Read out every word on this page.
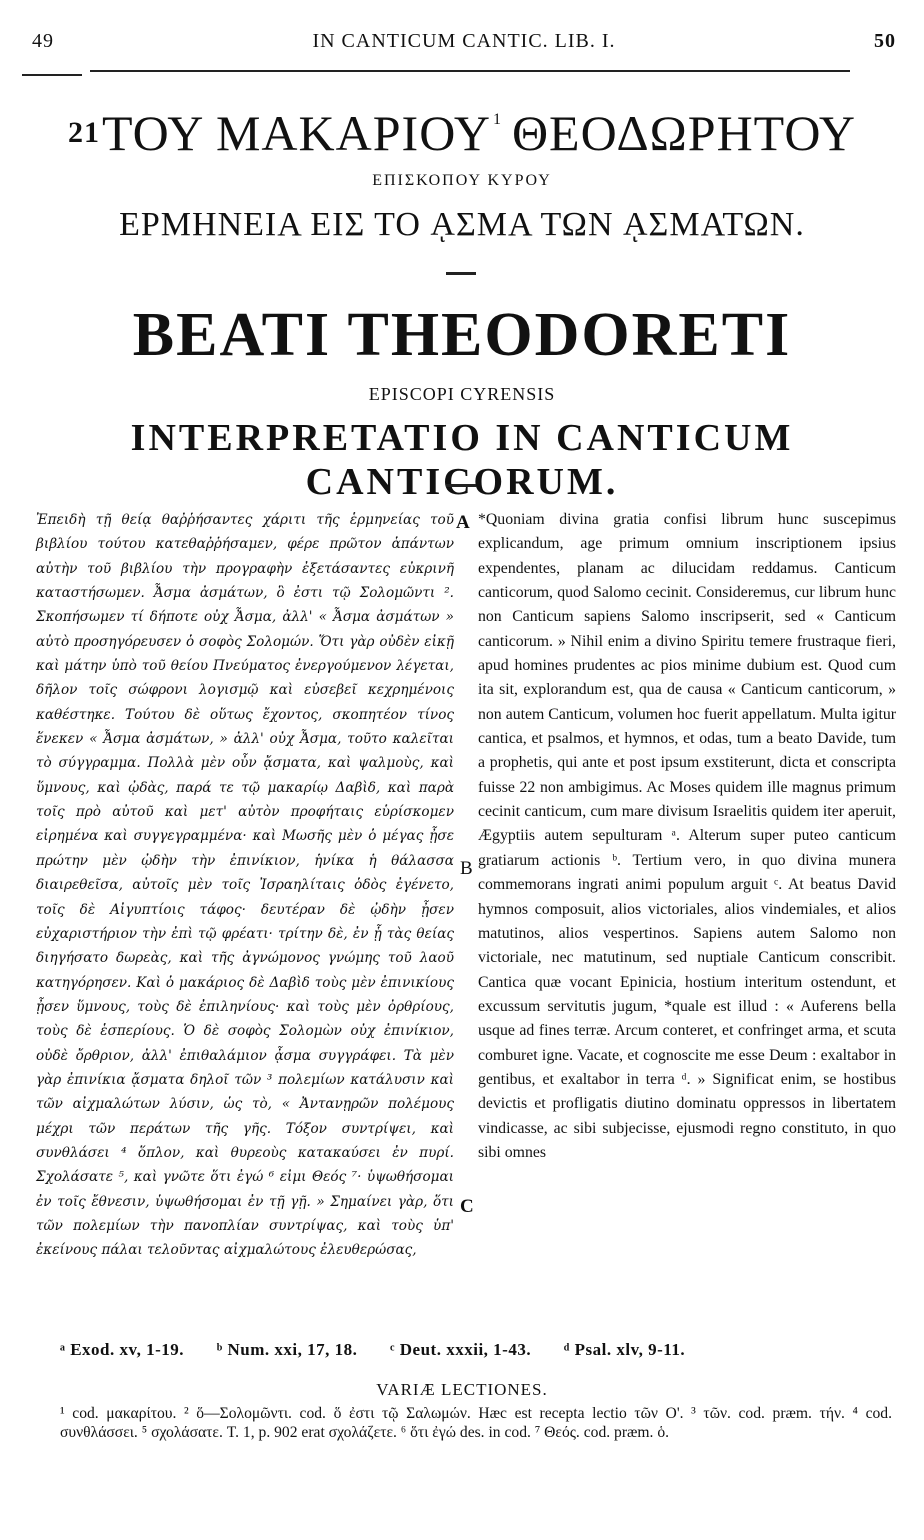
49	IN CANTICUM CANTIC. LIB. I.	50
21ΤΟΥ ΜΑΚΑΡΙΟΥ $^1$ ΘΕΟΔΩΡΗΤΟΥ
ΕΠΙΣΚΟΠΟΥ ΚΥΡΟΥ
ΕΡΜΗΝΕΙΑ ΕΙΣ ΤΟ ᾼΣΜΑ ΤΩΝ ᾼΣΜΑΤΩΝ.
BEATI THEODORETI
EPISCOPI CYRENSIS
INTERPRETATIO IN CANTICUM CANTICORUM.

Ἐπειδὴ τῇ θείᾳ θαῤῥήσαντες χάριτι τῆς ἑρμηνείας τοῦ βιβλίου τούτου κατεθαῤῥήσαμεν, φέρε πρῶτον ἁπάντων αὐτὴν τοῦ βιβλίου τὴν προγραφὴν ἐξετάσαντες εὐκρινῆ καταστήσωμεν. Ἆσμα ἀσμάτων, ὃ ἐστι τῷ Σολομῶντι ². Σκοπήσωμεν τί δήποτε οὐχ Ἆσμα, ἀλλ' « Ἆσμα ἀσμάτων » αὐτὸ προσηγόρευσεν ὁ σοφὸς Σολομών. Ὅτι γὰρ οὐδὲν εἰκῇ καὶ μάτην ὑπὸ τοῦ θείου Πνεύματος ἐνεργούμενον λέγεται, δῆλον τοῖς σώφρονι λογισμῷ καὶ εὐσεβεῖ κεχρημένοις καθέστηκε. Τούτου δὲ οὕτως ἔχοντος, σκοπητέον τίνος ἕνεκεν « Ἆσμα ἀσμάτων, » ἀλλ' οὐχ Ἆσμα, τοῦτο καλεῖται τὸ σύγγραμμα. Πολλὰ μὲν οὖν ᾄσματα, καὶ ψαλμοὺς, καὶ ὕμνους, καὶ ᾠδὰς, παρά τε τῷ μακαρίῳ Δαβὶδ, καὶ παρὰ τοῖς πρὸ αὐτοῦ καὶ μετ' αὐτὸν προφήταις εὑρίσκομεν εἰρημένα καὶ συγγεγραμμένα· καὶ Μωσῆς μὲν ὁ μέγας ᾖσε πρώτην μὲν ᾠδὴν τὴν ἐπινίκιον, ἡνίκα ἡ θάλασσα διαιρεθεῖσα, αὐτοῖς μὲν τοῖς Ἰσραηλίταις ὁδὸς ἐγένετο, τοῖς δὲ Αἰγυπτίοις τάφος· δευτέραν δὲ ᾠδὴν ᾖσεν εὐχαριστήριον τὴν ἐπὶ τῷ φρέατι· τρίτην δὲ, ἐν ᾗ τὰς θείας διηγήσατο δωρεὰς, καὶ τῆς ἀγνώμονος γνώμης τοῦ λαοῦ κατηγόρησεν. Καὶ ὁ μακάριος δὲ Δαβὶδ τοὺς μὲν ἐπινικίους ᾖσεν ὕμνους, τοὺς δὲ ἐπιληνίους· καὶ τοὺς μὲν ὀρθρίους, τοὺς δὲ ἑσπερίους. Ὁ δὲ σοφὸς Σολομὼν οὐχ ἐπινίκιον, οὐδὲ ὄρθριον, ἀλλ' ἐπιθαλάμιον ᾆσμα συγγράφει. Τὰ μὲν γὰρ ἐπινίκια ᾄσματα δηλοῖ τῶν ³ πολεμίων κατάλυσιν καὶ τῶν αἰχμαλώτων λύσιν, ὡς τὸ, « Ἀντανῃρῶν πολέμους μέχρι τῶν περάτων τῆς γῆς. Τόξον συντρίψει, καὶ συνθλάσει ⁴ ὅπλον, καὶ θυρεοὺς κατακαύσει ἐν πυρί. Σχολάσατε ⁵, καὶ γνῶτε ὅτι ἐγώ ⁶ εἰμι Θεός ⁷· ὑψωθήσομαι ἐν τοῖς ἔθνεσιν, ὑψωθήσομαι ἐν τῇ γῇ. » Σημαίνει γὰρ, ὅτι τῶν πολεμίων τὴν πανοπλίαν συντρίψας, καὶ τοὺς ὑπ' ἐκείνους πάλαι τελοῦντας αἰχμαλώτους ἐλευθερώσας,

A
B
C

*Quoniam divina gratia confisi librum hunc suscepimus explicandum, age primum omnium inscriptionem ipsius expendentes, planam ac dilucidam reddamus. Canticum canticorum, quod Salomo cecinit. Consideremus, cur librum hunc non Canticum sapiens Salomo inscripserit, sed « Canticum canticorum. » Nihil enim a divino Spiritu temere frustraque fieri, apud homines prudentes ac pios minime dubium est. Quod cum ita sit, explorandum est, qua de causa « Canticum canticorum, » non autem Canticum, volumen hoc fuerit appellatum. Multa igitur cantica, et psalmos, et hymnos, et odas, tum a beato Davide, tum a prophetis, qui ante et post ipsum exstiterunt, dicta et conscripta fuisse 22 non ambigimus. Ac Moses quidem ille magnus primum cecinit canticum, cum mare divisum Israelitis quidem iter aperuit, Ægyptiis autem sepulturam ᵃ. Alterum super puteo canticum gratiarum actionis ᵇ. Tertium vero, in quo divina munera commemorans ingrati animi populum arguit ᶜ. At beatus David hymnos composuit, alios victoriales, alios vindemiales, et alios matutinos, alios vespertinos. Sapiens autem Salomo non victoriale, nec matutinum, sed nuptiale Canticum conscribit. Cantica quæ vocant Epinicia, hostium interitum ostendunt, et excussum servitutis jugum, *quale est illud : « Auferens bella usque ad fines terræ. Arcum conteret, et confringet arma, et scuta comburet igne. Vacate, et cognoscite me esse Deum : exaltabor in gentibus, et exaltabor in terra ᵈ. » Significat enim, se hostibus devictis et profligatis diutino dominatu oppressos in libertatem vindicasse, ac sibi subjecisse, ejusmodi regno constituto, in quo sibi omnes

ᵃ Exod. xv, 1-19. ᵇ Num. xxi, 17, 18. ᶜ Deut. xxxii, 1-43. ᵈ Psal. xlv, 9-11.
VARIÆ LECTIONES.

¹ cod. μακαρίτου. ² ὅ—Σολομῶντι. cod. ὅ ἐστι τῷ Σαλωμών. Hæc est recepta lectio τῶν Ο'. ³ τῶν. cod. præm. τήν. ⁴ cod. συνθλάσσει. ⁵ σχολάσατε. T. 1, p. 902 erat σχολάζετε. ⁶ ὅτι ἐγώ des. in cod. ⁷ Θεός. cod. præm. ὁ.
